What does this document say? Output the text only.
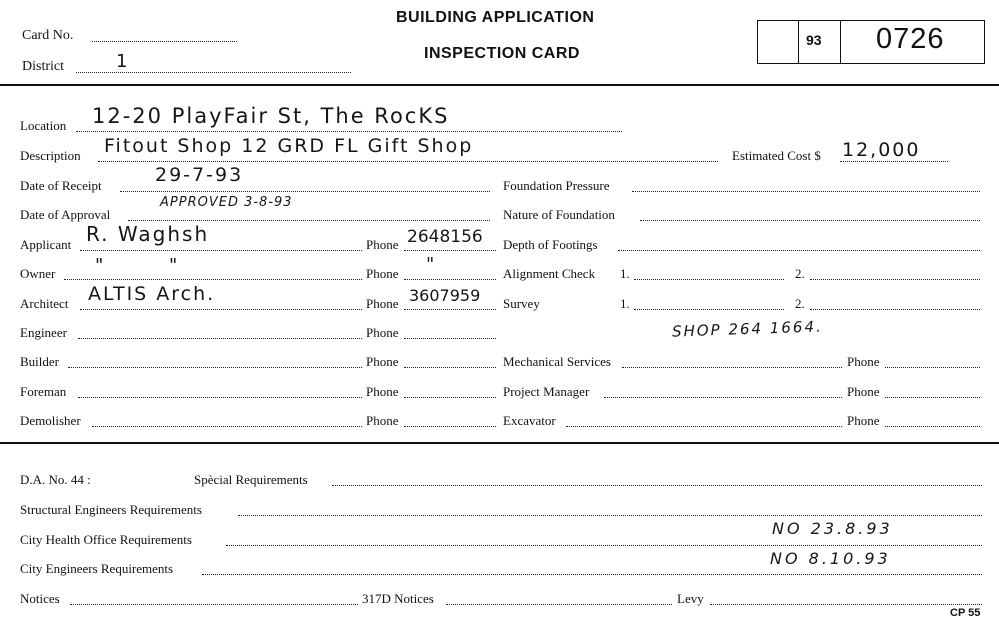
Card No.
District	1
BUILDING APPLICATION
INSPECTION CARD
93 0726
Location 12-20 PlayFair St, The RocKS
Description Fitout Shop 12 GRD FL Gift Shop	Estimated Cost $ 12,000
Date of Receipt	29-7-93
Date of Approval
APPROVED 3-8-93
Applicant R. Waghsh	Phone 2648156
Owner " "	Phone "
Architect ALTIS Arch.	Phone 3607959
Engineer	Phone
Builder	Phone
Foreman	Phone
Demolisher	Phone
Foundation Pressure
Nature of Foundation
Depth of Footings
Alignment Check 1.	2.
Survey	1.	2.
SHOP 264 1664.
Mechanical Services	Phone
Project Manager	Phone
Excavator	Phone
D.A. No. 44 :	Spècial Requirements
Structural Engineers Requirements
City Health Office Requirements
NO 23.8.93
City Engineers Requirements
NO 8.10.93
Notices	317D Notices	Levy
CP 55
